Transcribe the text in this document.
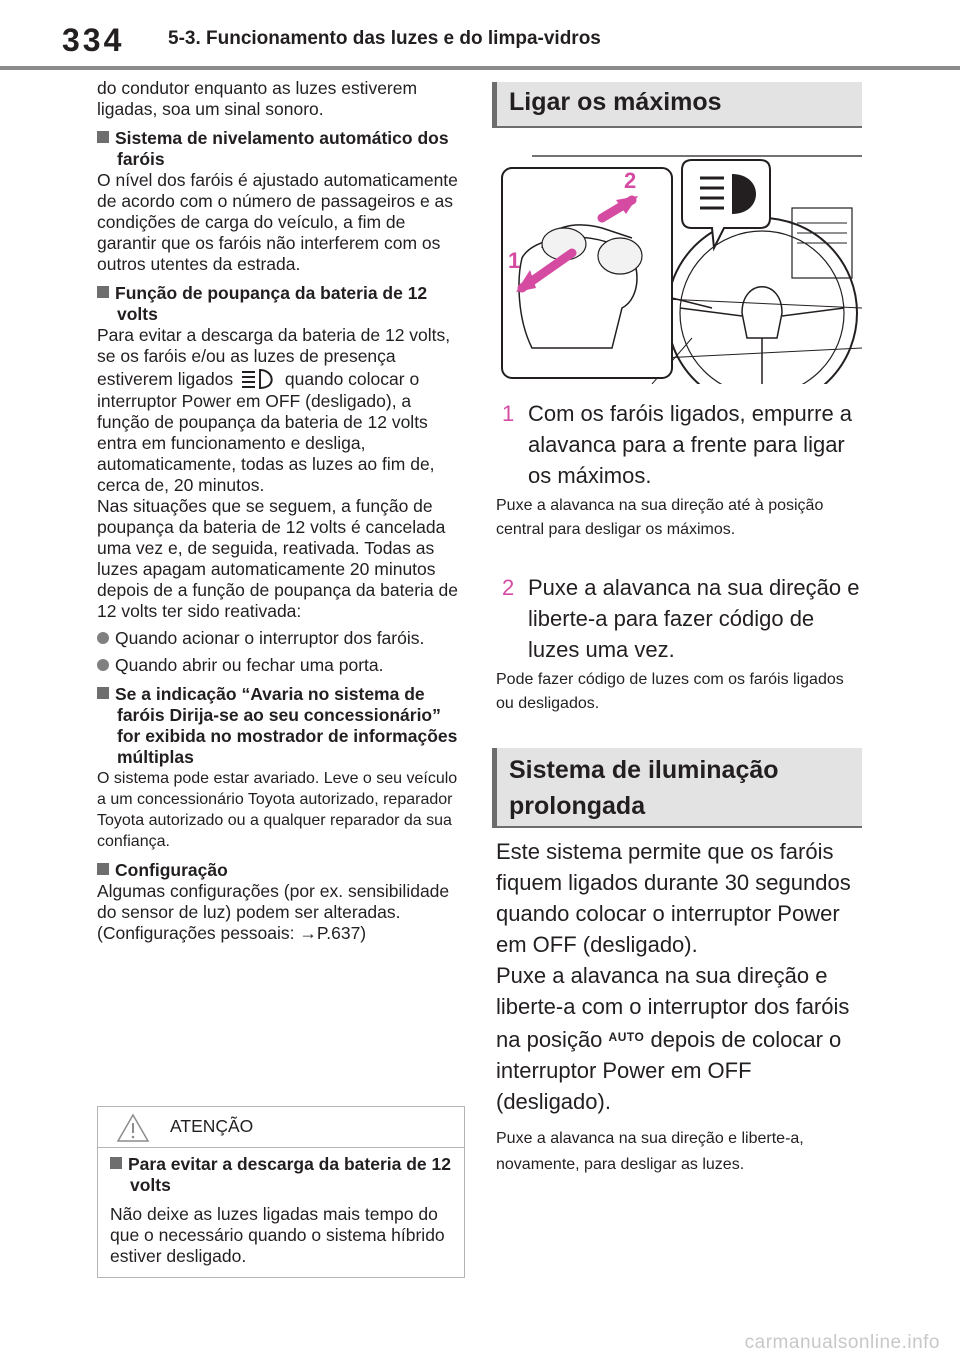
334 5-3. Funcionamento das luzes e do limpa-vidros

do condutor enquanto as luzes estiverem ligadas, soa um sinal sonoro.

Sistema de nivelamento automático dos faróis

O nível dos faróis é ajustado automaticamente de acordo com o número de passageiros e as condições de carga do veículo, a fim de garantir que os faróis não interferem com os outros utentes da estrada.

Função de poupança da bateria de 12 volts

Para evitar a descarga da bateria de 12 volts, se os faróis e/ou as luzes de presença estiverem ligados	quando colocar o interruptor Power em OFF (desligado), a função de poupança da bateria de 12 volts entra em funcionamento e desliga, automaticamente, todas as luzes ao fim de, cerca de, 20 minutos.

Nas situações que se seguem, a função de poupança da bateria de 12 volts é cancelada uma vez e, de seguida, reativada. Todas as luzes apagam automaticamente 20 minutos depois de a função de poupança da bateria de 12 volts ter sido reativada:

Quando acionar o interruptor dos faróis.

Quando abrir ou fechar uma porta.

Se a indicação “Avaria no sistema de faróis Dirija-se ao seu concessionário” for exibida no mostrador de informações múltiplas

O sistema pode estar avariado. Leve o seu veículo a um concessionário Toyota autorizado, reparador Toyota autorizado ou a qualquer reparador da sua confiança.

Configuração

Algumas configurações (por ex. sensibilidade do sensor de luz) podem ser alteradas.

(Configurações pessoais: →P.637)

ATENÇÃO

Para evitar a descarga da bateria de 12 volts

Não deixe as luzes ligadas mais tempo do que o necessário quando o sistema híbrido estiver desligado.

Ligar os máximos
1
2
1 Com os faróis ligados, empurre a alavanca para a frente para ligar os máximos.
Puxe a alavanca na sua direção até à posição central para desligar os máximos.
2 Puxe a alavanca na sua direção e liberte-a para fazer código de luzes uma vez.
Pode fazer código de luzes com os faróis ligados ou desligados.
Sistema de iluminação prolongada
Este sistema permite que os faróis fiquem ligados durante 30 segundos quando colocar o interruptor Power em OFF (desligado).
Puxe a alavanca na sua direção e liberte-a com o interruptor dos faróis na posição $^{AUTO}$ depois de colocar o interruptor Power em OFF (desligado).
Puxe a alavanca na sua direção e liberte-a, novamente, para desligar as luzes.
carmanualsonline.info
